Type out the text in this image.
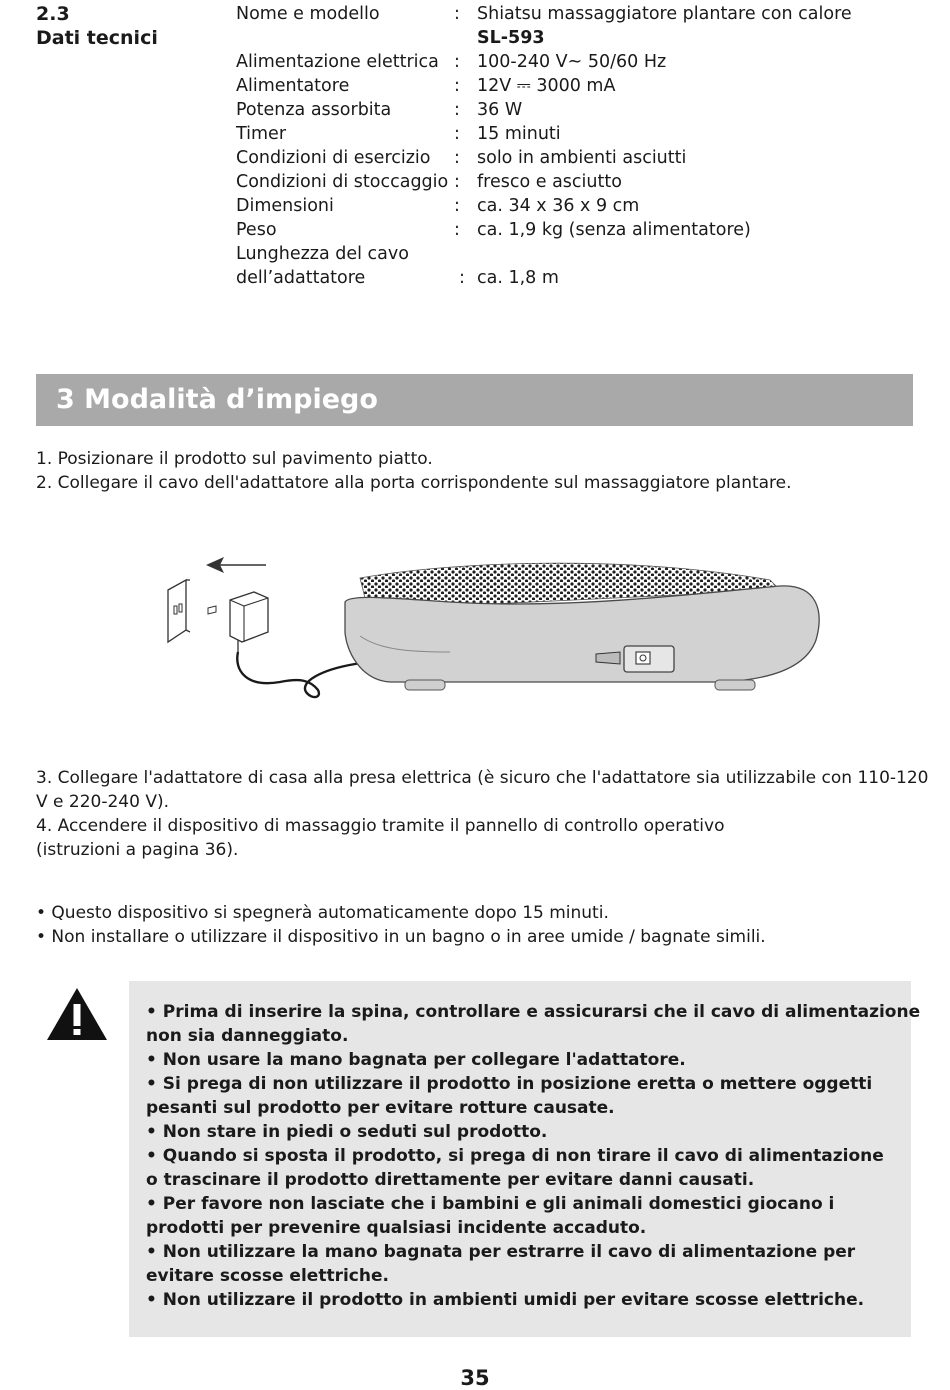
2.3
Dati tecnici
Nome e modello	: Shiatsu massaggiatore plantare con calore
SL-593
Alimentazione elettrica : 100-240 V~ 50/60 Hz
Alimentatore	: 12V ⎓ 3000 mA
Potenza assorbita	: 36 W
Timer	: 15 minuti
Condizioni di esercizio : solo in ambienti asciutti
Condizioni di stoccaggio : fresco e asciutto
Dimensioni	: ca. 34 x 36 x 9 cm
Peso	: ca. 1,9 kg (senza alimentatore)
Lunghezza del cavo
dell’adattatore	: ca. 1,8 m
3 Modalità d’impiego
1. Posizionare il prodotto sul pavimento piatto.
2. Collegare il cavo dell'adattatore alla porta corrispondente sul massaggiatore plantare.
3. Collegare l'adattatore di casa alla presa elettrica (è sicuro che l'adattatore sia utilizzabile con 110-120
V e 220-240 V).
4. Accendere il dispositivo di massaggio tramite il pannello di controllo operativo
(istruzioni a pagina 36).
• Questo dispositivo si spegnerà automaticamente dopo 15 minuti.
• Non installare o utilizzare il dispositivo in un bagno o in aree umide / bagnate simili.
• Prima di inserire la spina, controllare e assicurarsi che il cavo di alimentazione
non sia danneggiato.
• Non usare la mano bagnata per collegare l'adattatore.
• Si prega di non utilizzare il prodotto in posizione eretta o mettere oggetti
pesanti sul prodotto per evitare rotture causate.
• Non stare in piedi o seduti sul prodotto.
• Quando si sposta il prodotto, si prega di non tirare il cavo di alimentazione
o trascinare il prodotto direttamente per evitare danni causati.
• Per favore non lasciate che i bambini e gli animali domestici giocano i
prodotti per prevenire qualsiasi incidente accaduto.
• Non utilizzare la mano bagnata per estrarre il cavo di alimentazione per
evitare scosse elettriche.
• Non utilizzare il prodotto in ambienti umidi per evitare scosse elettriche.
35
